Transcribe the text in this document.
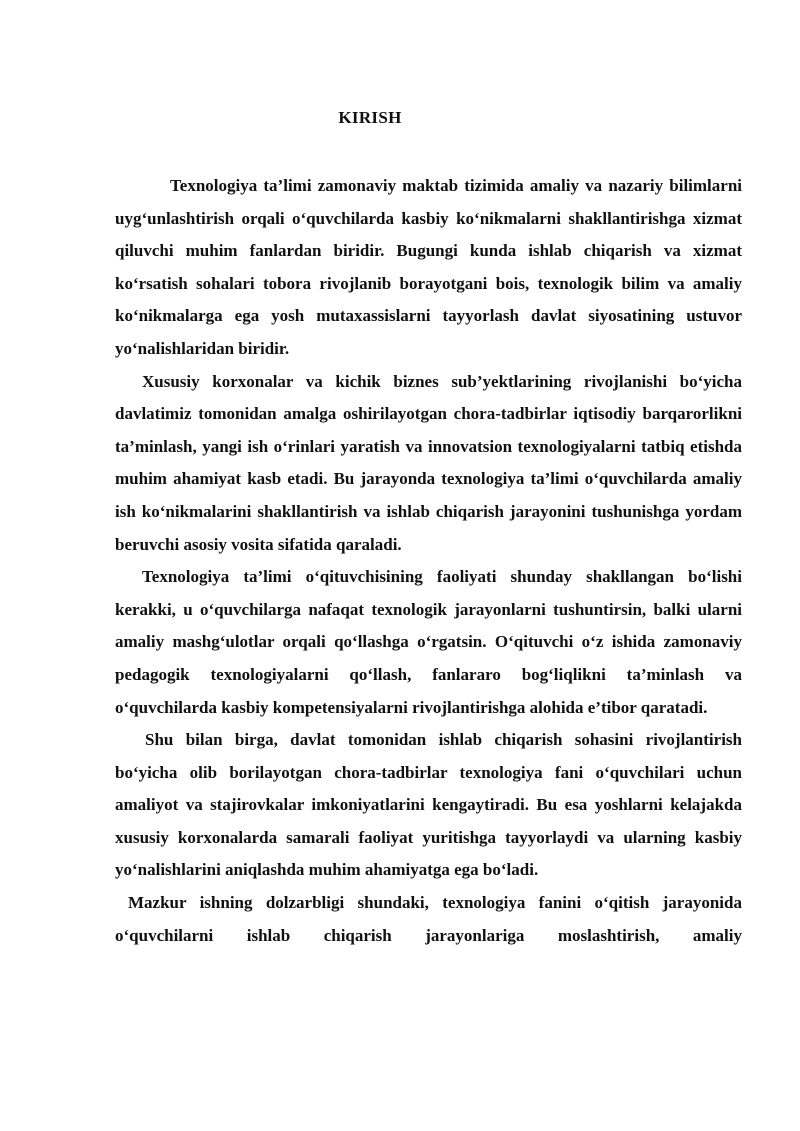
KIRISH

Texnologiya ta’limi zamonaviy maktab tizimida amaliy va nazariy bilimlarni uyg‘unlashtirish orqali o‘quvchilarda kasbiy ko‘nikmalarni shakllantirishga xizmat qiluvchi muhim fanlardan biridir. Bugungi kunda ishlab chiqarish va xizmat ko‘rsatish sohalari tobora rivojlanib borayotgani bois, texnologik bilim va amaliy ko‘nikmalarga ega yosh mutaxassislarni tayyorlash davlat siyosatining ustuvor yo‘nalishlaridan biridir.

Xususiy korxonalar va kichik biznes sub’yektlarining rivojlanishi bo‘yicha davlatimiz tomonidan amalga oshirilayotgan chora-tadbirlar iqtisodiy barqarorlikni ta’minlash, yangi ish o‘rinlari yaratish va innovatsion texnologiyalarni tatbiq etishda muhim ahamiyat kasb etadi. Bu jarayonda texnologiya ta’limi o‘quvchilarda amaliy ish ko‘nikmalarini shakllantirish va ishlab chiqarish jarayonini tushunishga yordam beruvchi asosiy vosita sifatida qaraladi.

Texnologiya ta’limi o‘qituvchisining faoliyati shunday shakllangan bo‘lishi kerakki, u o‘quvchilarga nafaqat texnologik jarayonlarni tushuntirsin, balki ularni amaliy mashg‘ulotlar orqali qo‘llashga o‘rgatsin. O‘qituvchi o‘z ishida zamonaviy pedagogik texnologiyalarni qo‘llash, fanlararo bog‘liqlikni ta’minlash va o‘quvchilarda kasbiy kompetensiyalarni rivojlantirishga alohida e’tibor qaratadi.

Shu bilan birga, davlat tomonidan ishlab chiqarish sohasini rivojlantirish bo‘yicha olib borilayotgan chora-tadbirlar texnologiya fani o‘quvchilari uchun amaliyot va stajirovkalar imkoniyatlarini kengaytiradi. Bu esa yoshlarni kelajakda xususiy korxonalarda samarali faoliyat yuritishga tayyorlaydi va ularning kasbiy yo‘nalishlarini aniqlashda muhim ahamiyatga ega bo‘ladi.

Mazkur ishning dolzarbligi shundaki, texnologiya fanini o‘qitish jarayonida o‘quvchilarni ishlab chiqarish jarayonlariga moslashtirish, amaliy
